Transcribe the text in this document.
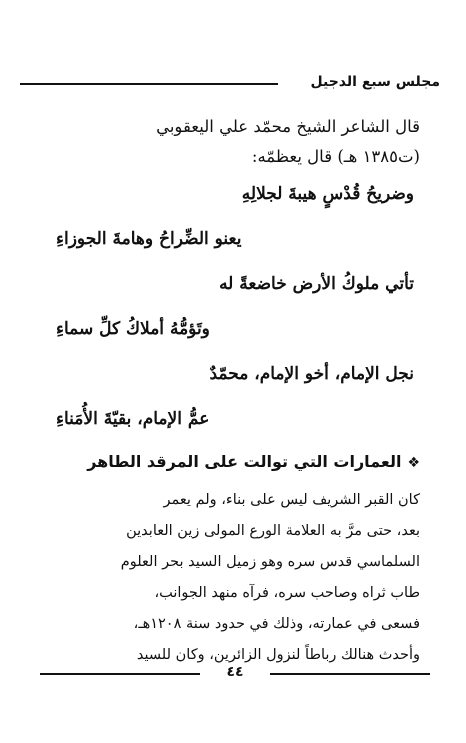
مجلس سبع الدجيل
قال الشاعر الشيخ محمّد علي اليعقوبي
(ت١٣٨٥ هـ) قال يعظمّه:
وضريحُ قُدْسٍ هيبةَ لجلالِهِ
يعنو الضِّراحُ وهامةَ الجوزاءِ
تأتي ملوكُ الأرض خاضعةً له
وتَؤمُّهُ أملاكُ كلِّ سماءِ
نجل الإمام، أخو الإمام، محمّدٌ
عمُّ الإمام، بقيّةَ الأُمَناءِ
❖العمارات التي توالت على المرقد الطاهر
كان القبر الشريف ليس على بناء، ولم يعمر
بعد، حتى مرَّ به العلامة الورع المولى زين العابدين
السلماسي قدس سره وهو زميل السيد بحر العلوم
طاب ثراه وصاحب سره، فرآه منهد الجوانب،
فسعى في عمارته، وذلك في حدود سنة ١٢٠٨هـ،
وأحدث هنالك رباطاً لنزول الزائرين، وكان للسيد
٤٤
